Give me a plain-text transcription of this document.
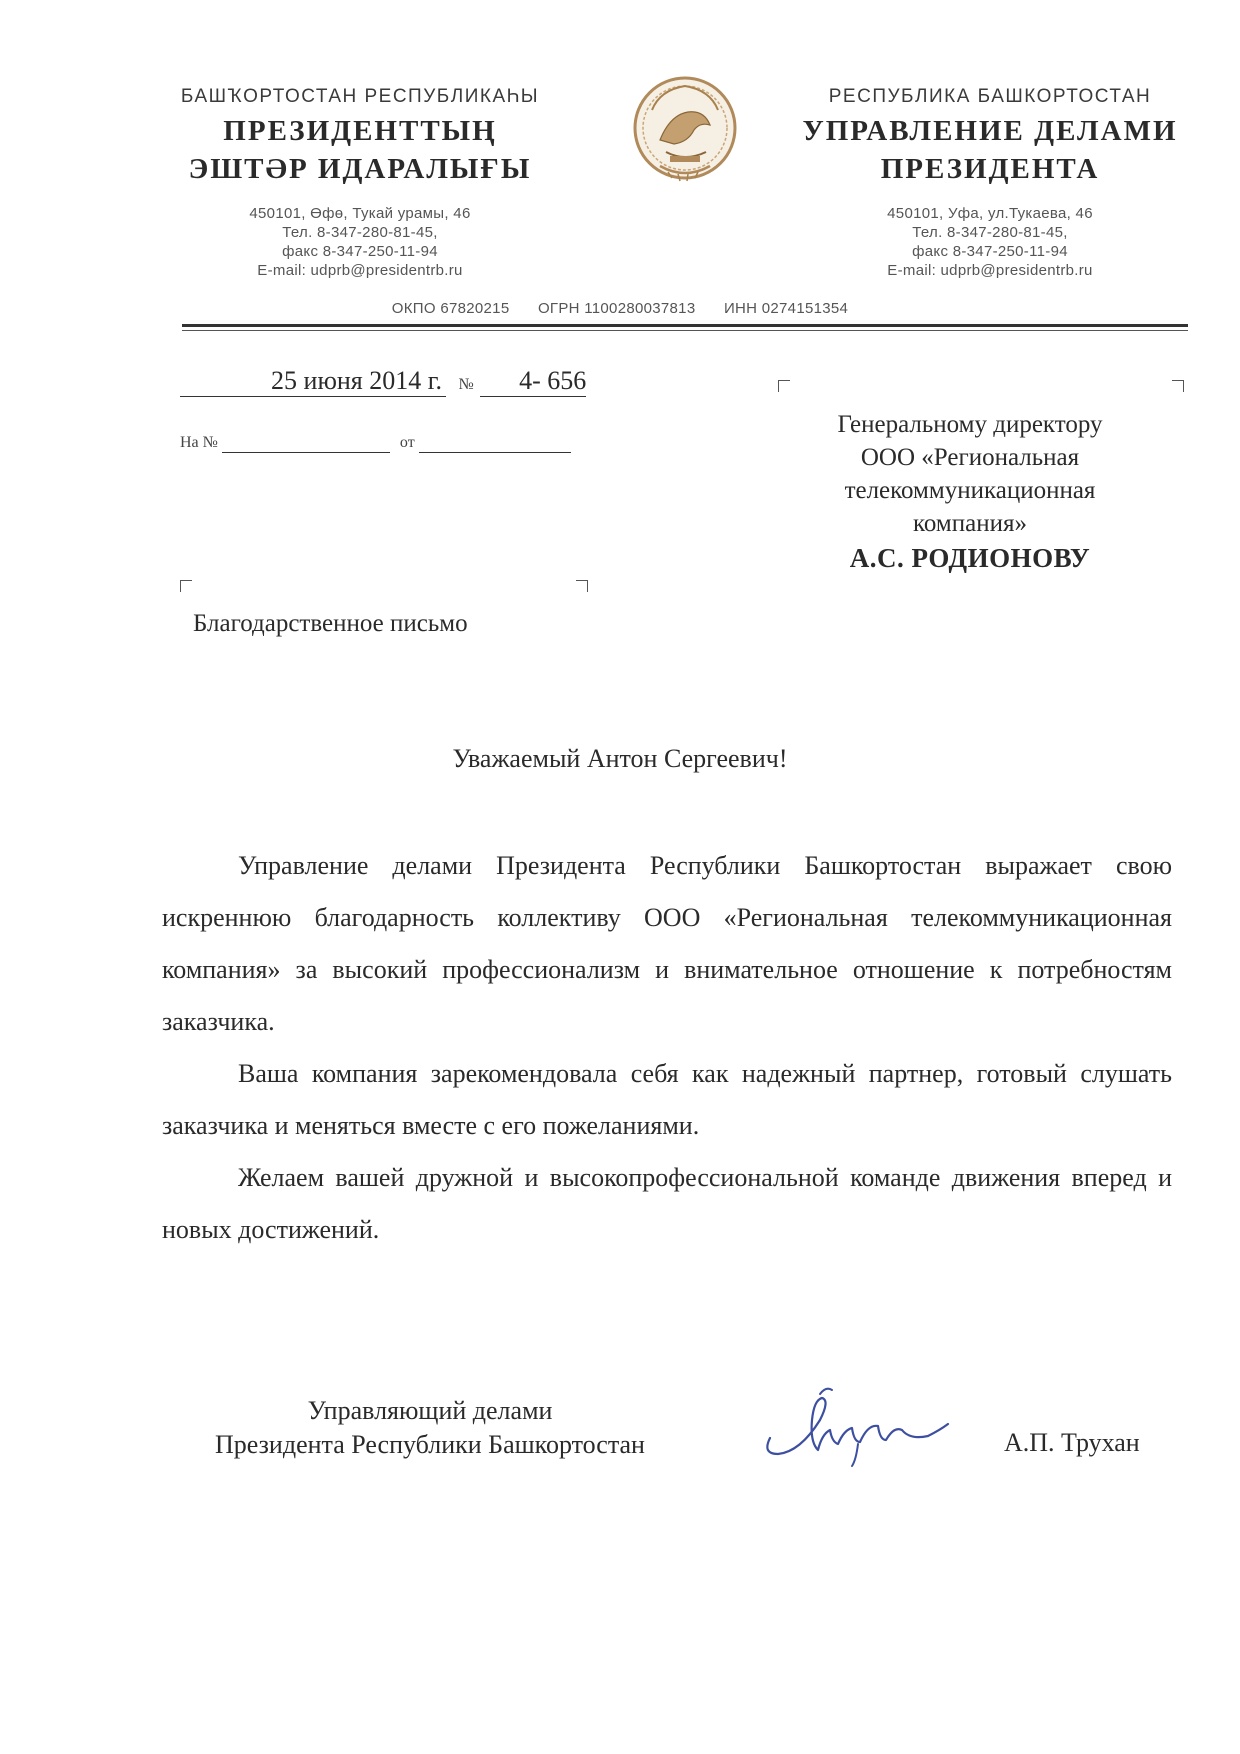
БАШҠОРТОСТАН РЕСПУБЛИКАҺЫ
ПРЕЗИДЕНТТЫҢ
ЭШТӘР ИДАРАЛЫҒЫ
450101, Өфө, Тукай урамы, 46
Тел. 8-347-280-81-45,
факс 8-347-250-11-94
E-mail: udprb@presidentrb.ru
РЕСПУБЛИКА БАШКОРТОСТАН
УПРАВЛЕНИЕ ДЕЛАМИ
ПРЕЗИДЕНТА
450101, Уфа, ул.Тукаева, 46
Тел. 8-347-280-81-45,
факс 8-347-250-11-94
E-mail: udprb@presidentrb.ru
ОКПО 67820215 ОГРН 1100280037813 ИНН 0274151354
25 июня 2014 г. № 4- 656
На №	от
Генеральному директору
ООО «Региональная
телекоммуникационная
компания»
А.С. РОДИОНОВУ
Благодарственное письмо
Уважаемый Антон Сергеевич!

Управление делами Президента Республики Башкортостан выражает свою искреннюю благодарность коллективу ООО «Региональная телекоммуникационная компания» за высокий профессионализм и внимательное отношение к потребностям заказчика.

Ваша компания зарекомендовала себя как надежный партнер, готовый слушать заказчика и меняться вместе с его пожеланиями.

Желаем вашей дружной и высокопрофессиональной команде движения вперед и новых достижений.

Управляющий делами
Президента Республики Башкортостан	А.П. Трухан
